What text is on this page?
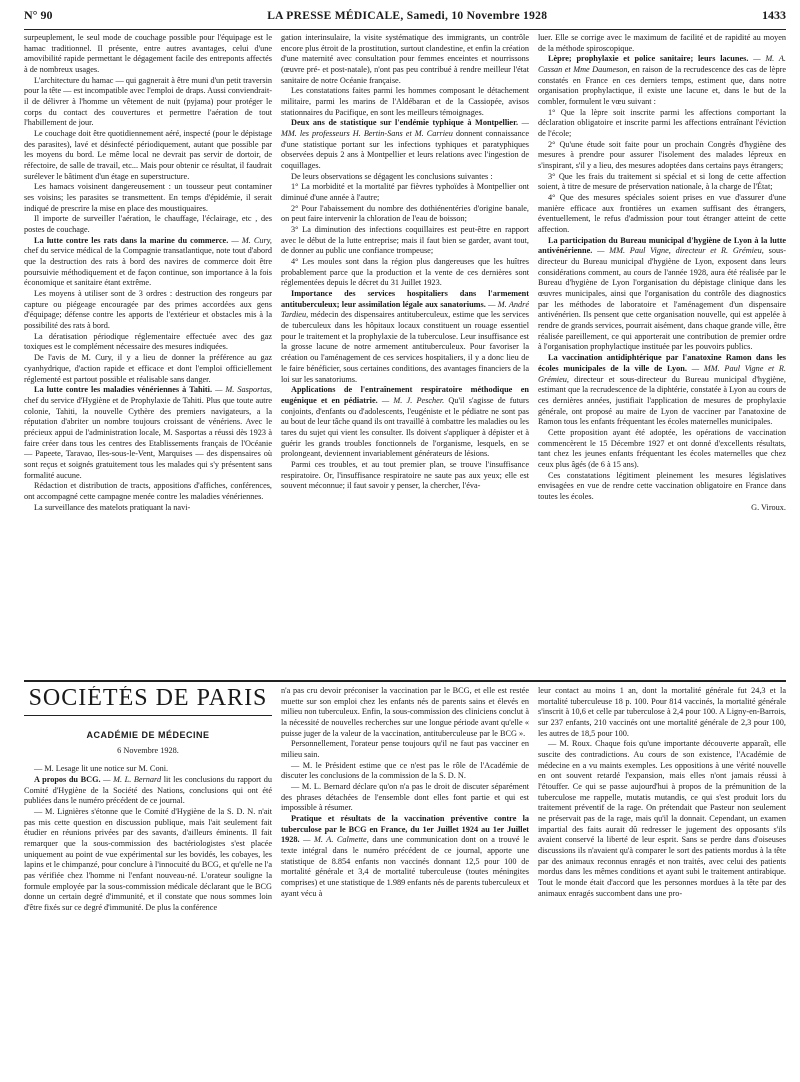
N° 90	LA PRESSE MÉDICALE, Samedi, 10 Novembre 1928	1433

surpeuplement, le seul mode de couchage possible pour l'équipage est le hamac traditionnel. Il présente, entre autres avantages, celui d'une amovibilité rapide permettant le dégagement facile des entreponts affectés à de nombreux usages.

L'architecture du hamac — qui gagnerait à être muni d'un petit traversin pour la tête — est incompatible avec l'emploi de draps. Aussi conviendrait-il de délivrer à l'homme un vêtement de nuit (pyjama) pour protéger le corps du contact des couvertures et permettre l'aération de tout l'habillement de jour.

Le couchage doit être quotidiennement aéré, inspecté (pour le dépistage des parasites), lavé et désinfecté périodiquement, autant que possible par les moyens du bord. Le même local ne devrait pas servir de dortoir, de réfectoire, de salle de travail, etc... Mais pour obtenir ce résultat, il faudrait surélever le bâtiment d'un étage en superstructure.

Les hamacs voisinent dangereusement : un tousseur peut contaminer ses voisins; les parasites se transmettent. En temps d'épidémie, il serait indiqué de prescrire la mise en place des moustiquaires.

Il importe de surveiller l'aération, le chauffage, l'éclairage, etc , des postes de couchage.

La lutte contre les rats dans la marine du commerce. — M. Cury, chef du service médical de la Compagnie transatlantique, note tout d'abord que la destruction des rats à bord des navires de commerce doit être poursuivie méthodiquement et de façon continue, son importance à la fois économique et sanitaire étant extrême.

Les moyens à utiliser sont de 3 ordres : destruction des rongeurs par capture ou piégeage encouragée par des primes accordées aux gens d'équipage; défense contre les apports de l'extérieur et obstacles mis à la possibilité des rats à bord.

La dératisation périodique réglementaire effectuée avec des gaz toxiques est le complément nécessaire des mesures indiquées.

De l'avis de M. Cury, il y a lieu de donner la préférence au gaz cyanhydrique, d'action rapide et efficace et dont l'emploi officiellement réglementé est partout possible et réalisable sans danger.

La lutte contre les maladies vénériennes à Tahiti. — M. Sasportas, chef du service d'Hygiène et de Prophylaxie de Tahiti. Plus que toute autre colonie, Tahiti, la nouvelle Cythère des premiers navigateurs, a la réputation d'abriter un nombre toujours croissant de vénériens. Avec le précieux appui de l'administration locale, M. Sasportas a réussi dès 1923 à faire créer dans tous les centres des Etablissements français de l'Océanie — Papeete, Taravao, Iles-sous-le-Vent, Marquises — des dispensaires où sont reçus et soignés gratuitement tous les malades qui s'y présentent sans formalité aucune.

Rédaction et distribution de tracts, appositions d'affiches, conférences, ont accompagné cette campagne menée contre les maladies vénériennes.

La surveillance des matelots pratiquant la navi-

gation interinsulaire, la visite systématique des immigrants, un contrôle encore plus étroit de la prostitution, surtout clandestine, et enfin la création d'une maternité avec consultation pour femmes enceintes et nourrissons (œuvre pré- et post-natale), n'ont pas peu contribué à rendre meilleur l'état sanitaire de notre Océanie française.

Les constatations faites parmi les hommes composant le détachement militaire, parmi les marins de l'Aldébaran et de la Cassiopée, avisos stationnaires du Pacifique, en sont les meilleurs témoignages.

Deux ans de statistique sur l'endémie typhique à Montpellier. — MM. les professeurs H. Bertin-Sans et M. Carrieu donnent connaissance d'une statistique portant sur les infections typhiques et paratyphiques observées depuis 2 ans à Montpellier et leurs relations avec l'ingestion de coquillages.

De leurs observations se dégagent les conclusions suivantes :

1° La morbidité et la mortalité par fièvres typhoïdes à Montpellier ont diminué d'une année à l'autre;

2° Pour l'abaissement du nombre des dothiénentéries d'origine banale, on peut faire intervenir la chloration de l'eau de boisson;

3° La diminution des infections coquillaires est peut-être en rapport avec le début de la lutte entreprise; mais il faut bien se garder, avant tout, de donner au public une confiance trompeuse;

4° Les moules sont dans la région plus dangereuses que les huîtres probablement parce que la production et la vente de ces dernières sont réglementées depuis le décret du 31 Juillet 1923.

Importance des services hospitaliers dans l'armement antituberculeux; leur assimilation légale aux sanatoriums. — M. André Tardieu, médecin des dispensaires antituberculeux, estime que les services de tuberculeux dans les hôpitaux locaux constituent un rouage essentiel pour le traitement et la prophylaxie de la tuberculose. Leur insuffisance est la grosse lacune de notre armement antituberculeux. Pour favoriser la création ou l'aménagement de ces services hospitaliers, il y a donc lieu de le faire bénéficier, sous certaines conditions, des avantages financiers de la loi sur les sanatoriums.

Applications de l'entraînement respiratoire méthodique en eugénique et en pédiatrie. — M. J. Pescher. Qu'il s'agisse de futurs conjoints, d'enfants ou d'adolescents, l'eugéniste et le pédiatre ne sont pas au bout de leur tâche quand ils ont travaillé à combattre les maladies ou les tares du sujet qui vient les consulter. Ils doivent s'appliquer à dépister et à guérir les grands troubles fonctionnels de l'organisme, lesquels, en se prolongeant, deviennent invariablement générateurs de lésions.

Parmi ces troubles, et au tout premier plan, se trouve l'insuffisance respiratoire. Or, l'insuffisance respiratoire ne saute pas aux yeux; elle est souvent méconnue; il faut savoir y penser, la chercher, l'éva-

luer. Elle se corrige avec le maximum de facilité et de rapidité au moyen de la méthode spiroscopique.

Lèpre; prophylaxie et police sanitaire; leurs lacunes. — M. A. Cassan et Mme Daumeson, en raison de la recrudescence des cas de lèpre constatés en France en ces derniers temps, estiment que, dans notre organisation prophylactique, il existe une lacune et, dans le but de la combler, formulent le vœu suivant :

1° Que la lèpre soit inscrite parmi les affections comportant la déclaration obligatoire et inscrite parmi les affections entraînant l'éviction de l'école;

2° Qu'une étude soit faite pour un prochain Congrès d'hygiène des mesures à prendre pour assurer l'isolement des malades lépreux en s'inspirant, s'il y a lieu, des mesures adoptées dans certains pays étrangers;

3° Que les frais du traitement si spécial et si long de cette affection soient, à titre de mesure de préservation nationale, à la charge de l'État;

4° Que des mesures spéciales soient prises en vue d'assurer d'une manière efficace aux frontières un examen suffisant des étrangers, éventuellement, le refus d'admission pour tout étranger atteint de cette affection.

La participation du Bureau municipal d'hygiène de Lyon à la lutte antivénérienne. — MM. Paul Vigne, directeur et R. Grémieu, sous-directeur du Bureau municipal d'hygiène de Lyon, exposent dans leurs considérations comment, au cours de l'année 1928, aura été réalisée par le Bureau d'hygiène de Lyon l'organisation du dépistage clinique dans les œuvres municipales, ainsi que l'organisation du contrôle des diagnostics par les méthodes de laboratoire et l'aménagement d'un dispensaire antivénérien. Ils pensent que cette organisation nouvelle, qui est appelée à rendre de grands services, pourrait aisément, dans chaque grande ville, être réalisée pareillement, ce qui apporterait une contribution de premier ordre à l'organisation prophylactique instituée par les pouvoirs publics.

La vaccination antidiphtérique par l'anatoxine Ramon dans les écoles municipales de la ville de Lyon. — MM. Paul Vigne et R. Grémieu, directeur et sous-directeur du Bureau municipal d'hygiène, estimant que la recrudescence de la diphtérie, constatée à Lyon au cours de ces dernières années, justifiait l'application de mesures de prophylaxie générale, ont proposé au maire de Lyon de vacciner par l'anatoxine de Ramon tous les enfants fréquentant les écoles maternelles municipales.

Cette proposition ayant été adoptée, les opérations de vaccination commencèrent le 15 Décembre 1927 et ont donné d'excellents résultats, tant chez les jeunes enfants fréquentant les écoles maternelles que chez ceux plus âgés (de 6 à 15 ans).

Ces constatations légitiment pleinement les mesures législatives envisagées en vue de rendre cette vaccination obligatoire en France dans toutes les écoles.

G. Viroux.

SOCIÉTÉS DE PARIS
ACADÉMIE DE MÉDECINE
6 Novembre 1928.

— M. Lesage lit une notice sur M. Coni.

A propos du BCG. — M. L. Bernard lit les conclusions du rapport du Comité d'Hygiène de la Société des Nations, conclusions qui ont été publiées dans le numéro précédent de ce journal.

— M. Lignières s'étonne que le Comité d'Hygiène de la S. D. N. n'ait pas mis cette question en discussion publique, mais l'ait seulement fait étudier en réunions privées par des savants, d'ailleurs éminents. Il fait remarquer que la sous-commission des bactériologistes s'est placée uniquement au point de vue expérimental sur les bovidés, les cobayes, les lapins et le chimpanzé, pour conclure à l'innocuité du BCG, et qu'elle ne l'a pas vérifiée chez l'homme ni l'enfant nouveau-né. L'orateur souligne la formule employée par la sous-commission médicale déclarant que le BCG donne un certain degré d'immunité, et il constate que nous sommes loin d'être fixés sur ce degré d'immunité. De plus la conférence

n'a pas cru devoir préconiser la vaccination par le BCG, et elle est restée muette sur son emploi chez les enfants nés de parents sains et élevés en milieu non tuberculeux. Enfin, la sous-commission des cliniciens conclut à la nécessité de nouvelles recherches sur une longue période avant qu'elle « puisse juger de la valeur de la vaccination, antituberculeuse par le BCG ».

Personnellement, l'orateur pense toujours qu'il ne faut pas vacciner en milieu sain.

— M. le Président estime que ce n'est pas le rôle de l'Académie de discuter les conclusions de la commission de la S. D. N.

— M. L. Bernard déclare qu'on n'a pas le droit de discuter séparément des phrases détachées de l'ensemble dont elles font partie et qui est impossible à résumer.

Pratique et résultats de la vaccination préventive contre la tuberculose par le BCG en France, du 1er Juillet 1924 au 1er Juillet 1928. — M. A. Calmette, dans une communication dont on a trouvé le texte intégral dans le numéro précédent de ce journal, apporte une statistique de 8.854 enfants non vaccinés donnant 12,5 pour 100 de mortalité générale et 3,4 de mortalité tuberculeuse (toutes méningites comprises) et une statistique de 1.989 enfants nés de parents tuberculeux et ayant vécu à

leur contact au moins 1 an, dont la mortalité générale fut 24,3 et la mortalité tuberculeuse 18 p. 100. Pour 814 vaccinés, la mortalité générale s'inscrit à 10,6 et celle par tuberculose à 2,4 pour 100. A Ligny-en-Barrois, sur 237 enfants, 210 vaccinés ont une mortalité générale de 2,3 pour 100, les autres de 18,5 pour 100.

— M. Roux. Chaque fois qu'une importante découverte apparaît, elle suscite des contradictions. Au cours de son existence, l'Académie de médecine en a vu maints exemples. Les oppositions à une vérité nouvelle en ont souvent retardé l'expansion, mais elles n'ont jamais réussi à l'étouffer. Ce qui se passe aujourd'hui à propos de la prémunition de la tuberculose me rappelle, mutatis mutandis, ce qui s'est produit lors du traitement préventif de la rage. On prétendait que Pasteur non seulement ne préservait pas de la rage, mais qu'il la donnait. Cependant, un examen impartial des faits aurait dû redresser le jugement des opposants s'ils avaient conservé la liberté de leur esprit. Sans se perdre dans d'oiseuses discussions ils n'avaient qu'à comparer le sort des patients mordus à la tête par des animaux reconnus enragés et non traités, avec celui des patients mordus dans les mêmes conditions et ayant subi le traitement antirabique. Tout le monde était d'accord que les personnes mordues à la tête par des animaux enragés succombent dans une pro-
